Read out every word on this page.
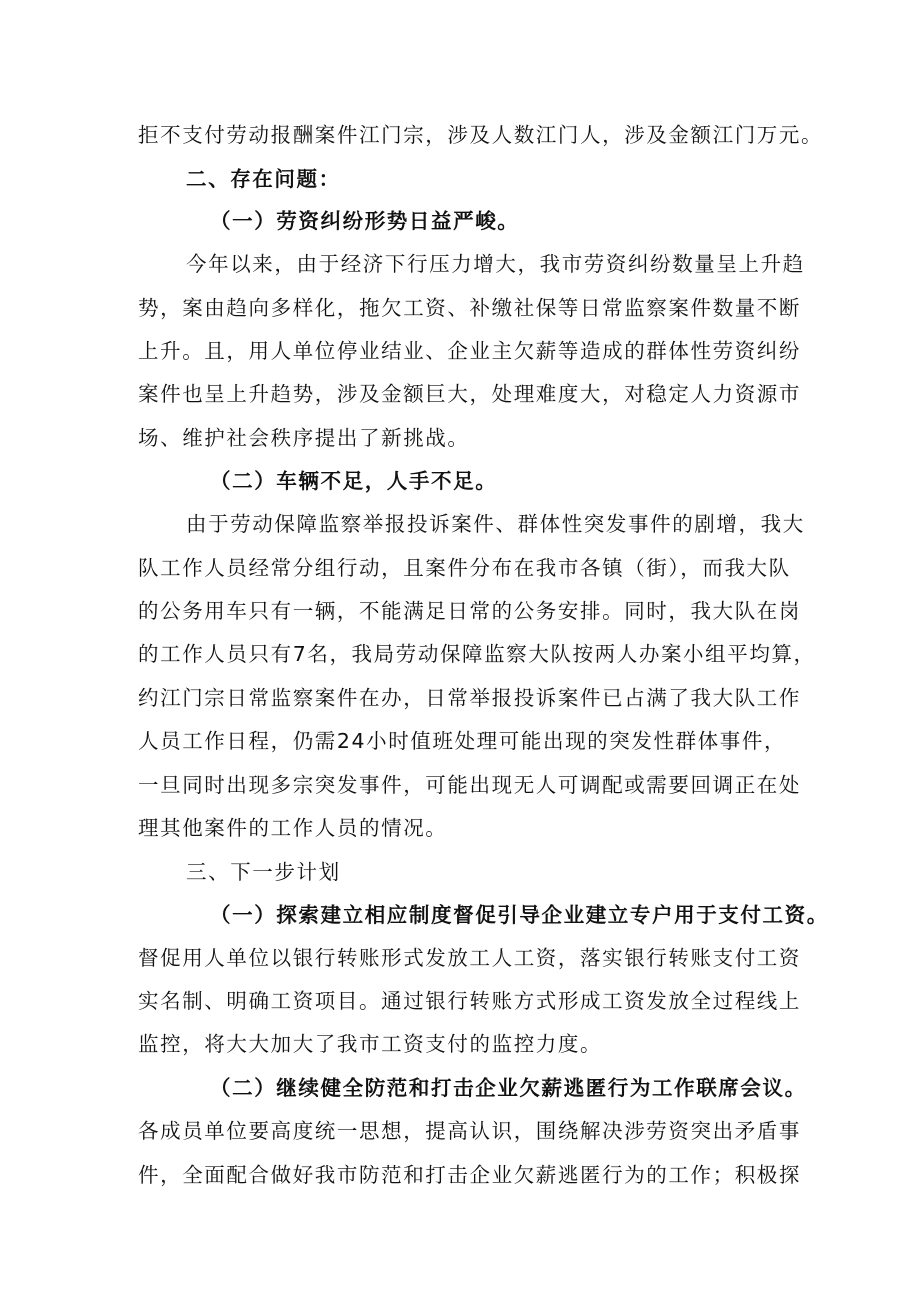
拒不支付劳动报酬案件江门宗，涉及人数江门人，涉及金额江门万元。
二、存在问题：
（一）劳资纠纷形势日益严峻。
今年以来，由于经济下行压力增大，我市劳资纠纷数量呈上升趋
势，案由趋向多样化，拖欠工资、补缴社保等日常监察案件数量不断
上升。且，用人单位停业结业、企业主欠薪等造成的群体性劳资纠纷
案件也呈上升趋势，涉及金额巨大，处理难度大，对稳定人力资源市
场、维护社会秩序提出了新挑战。
（二）车辆不足，人手不足。
由于劳动保障监察举报投诉案件、群体性突发事件的剧增，我大
队工作人员经常分组行动，且案件分布在我市各镇（街），而我大队
的公务用车只有一辆，不能满足日常的公务安排。同时，我大队在岗
的工作人员只有7名，我局劳动保障监察大队按两人办案小组平均算，
约江门宗日常监察案件在办，日常举报投诉案件已占满了我大队工作
人员工作日程，仍需24小时值班处理可能出现的突发性群体事件，
一旦同时出现多宗突发事件，可能出现无人可调配或需要回调正在处
理其他案件的工作人员的情况。
三、下一步计划
（一）探索建立相应制度督促引导企业建立专户用于支付工资。
督促用人单位以银行转账形式发放工人工资，落实银行转账支付工资
实名制、明确工资项目。通过银行转账方式形成工资发放全过程线上
监控，将大大加大了我市工资支付的监控力度。
（二）继续健全防范和打击企业欠薪逃匿行为工作联席会议。
各成员单位要高度统一思想，提高认识，围绕解决涉劳资突出矛盾事
件，全面配合做好我市防范和打击企业欠薪逃匿行为的工作；积极探
